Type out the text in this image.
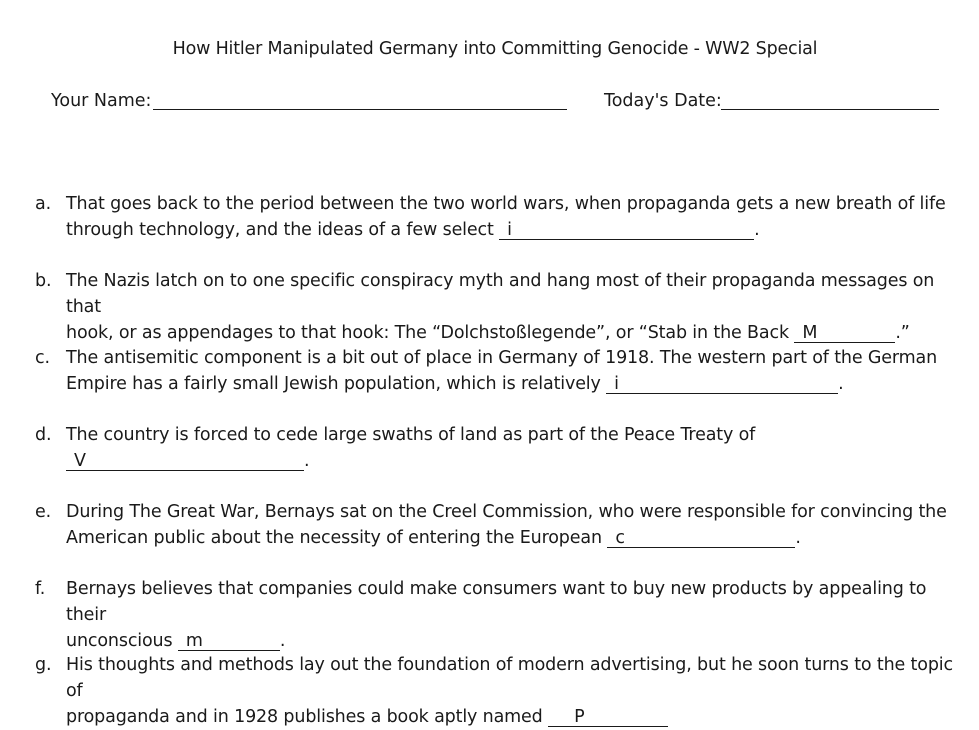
How Hitler Manipulated Germany into Committing Genocide - WW2 Special
Your Name:	Today's Date:
a. That goes back to the period between the two world wars, when propaganda gets a new breath of life
through technology, and the ideas of a few select i	.
b. The Nazis latch on to one specific conspiracy myth and hang most of their propaganda messages on that
hook, or as appendages to that hook: The “Dolchstoßlegende”, or “Stab in the Back M	.”
c. The antisemitic component is a bit out of place in Germany of 1918. The western part of the German
Empire has a fairly small Jewish population, which is relatively i	.
d. The country is forced to cede large swaths of land as part of the Peace Treaty of
V	.
e. During The Great War, Bernays sat on the Creel Commission, who were responsible for convincing the
American public about the necessity of entering the European c	.
f. Bernays believes that companies could make consumers want to buy new products by appealing to their
unconscious m	.
g. His thoughts and methods lay out the foundation of modern advertising, but he soon turns to the topic of
propaganda and in 1928 publishes a book aptly named P
